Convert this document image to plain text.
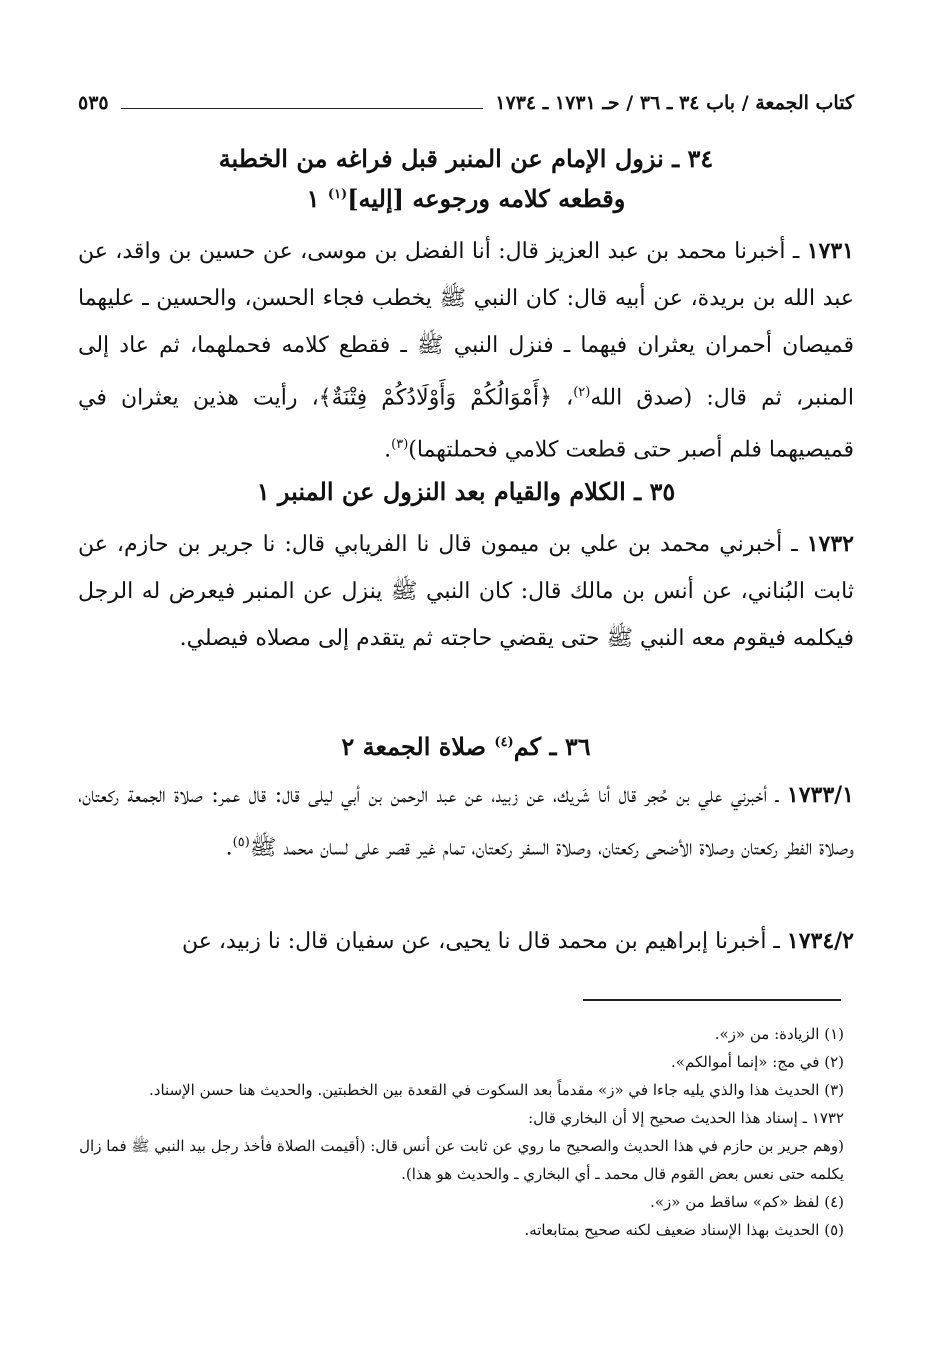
كتاب الجمعة / باب ٣٤ ـ ٣٦ / حـ ١٧٣١ ـ ١٧٣٤
٥٣٥
٣٤ ـ نزول الإمام عن المنبر قبل فراغه من الخطبة
وقطعه كلامه ورجوعه [إليه]$^{(١)}$ ١
١٧٣١ ـ أخبرنا محمد بن عبد العزيز قال: أنا الفضل بن موسى، عن حسين بن واقد، عن عبد الله بن بريدة، عن أبيه قال: كان النبي ﷺ يخطب فجاء الحسن، والحسين ـ عليهما قميصان أحمران يعثران فيهما ـ فنزل النبي ﷺ ـ فقطع كلامه فحملهما، ثم عاد إلى المنبر، ثم قال: (صدق الله$^{(٢)}$، ﴿أَمْوَالُكُمْ وَأَوْلَادُكُمْ فِتْنَةٌ﴾، رأيت هذين يعثران في قميصيهما فلم أصبر حتى قطعت كلامي فحملتهما)$^{(٣)}$.
٣٥ ـ الكلام والقيام بعد النزول عن المنبر ١
١٧٣٢ ـ أخبرني محمد بن علي بن ميمون قال نا الفريابي قال: نا جرير بن حازم، عن ثابت البُناني، عن أنس بن مالك قال: كان النبي ﷺ ينزل عن المنبر فيعرض له الرجل فيكلمه فيقوم معه النبي ﷺ حتى يقضي حاجته ثم يتقدم إلى مصلاه فيصلي.
٣٦ ـ كم$^{(٤)}$ صلاة الجمعة ٢
١٧٣٣/١ ـ أخبرني علي بن حُجر قال أنا شَريك، عن زبيد، عن عبد الرحمن بن أبي ليلى قال: قال عمر: صلاة الجمعة ركعتان، وصلاة الفطر ركعتان وصلاة الأضحى ركعتان، وصلاة السفر ركعتان، تمام غير قصر على لسان محمد ﷺ$^{(٥)}$.
١٧٣٤/٢ ـ أخبرنا إبراهيم بن محمد قال نا يحيى، عن سفيان قال: نا زبيد، عن

(١) الزيادة: من «ز».

(٢) في مج: «إنما أموالكم».

(٣) الحديث هذا والذي يليه جاءا في «ز» مقدماً بعد السكوت في القعدة بين الخطبتين. والحديث هنا حسن الإسناد.

١٧٣٢ ـ إسناد هذا الحديث صحيح إلا أن البخاري قال:

(وهم جرير بن حازم في هذا الحديث والصحيح ما روي عن ثابت عن أنس قال: (أقيمت الصلاة فأخذ رجل بيد النبي ﷺ فما زال يكلمه حتى نعس بعض القوم قال محمد ـ أي البخاري ـ والحديث هو هذا).

(٤) لفظ «كم» ساقط من «ز».

(٥) الحديث بهذا الإسناد ضعيف لكنه صحيح بمتابعاته.
